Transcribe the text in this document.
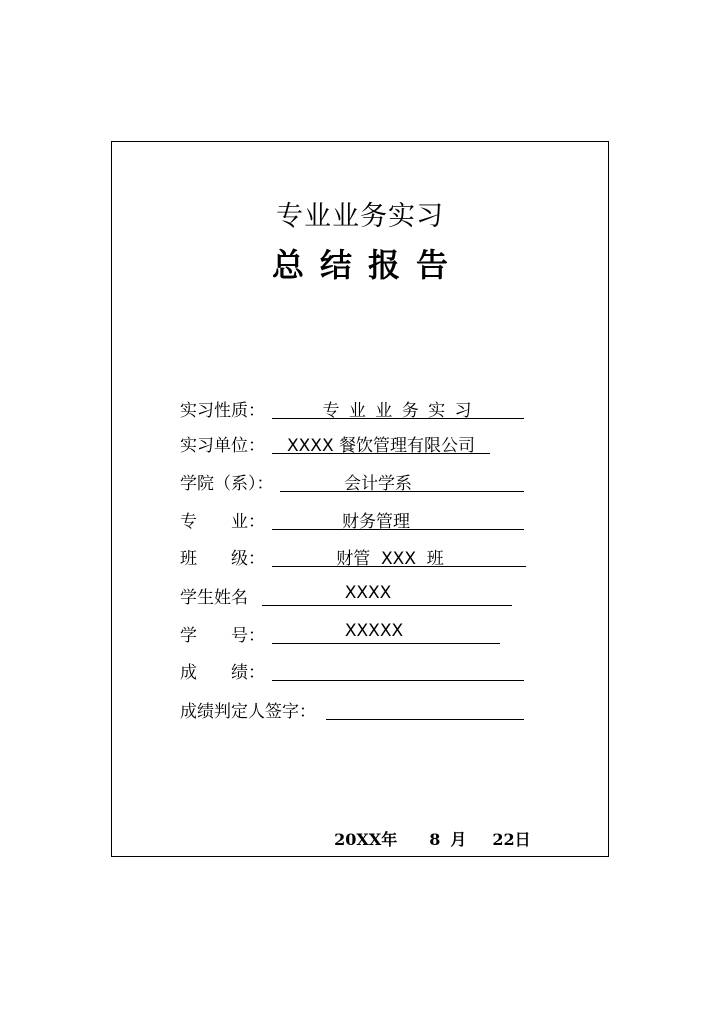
专业业务实习
总结报告
实习性质：	专 业 业 务 实 习
实习单位：	XXXX 餐饮管理有限公司
学院（系）：	会计学系
专　　业：	财务管理
班　　级：	财管  XXX  班
学生姓名	XXXX
学　　号：	XXXXX
成　　绩：
成绩判定人签字：

20XX年 8 月 22日
